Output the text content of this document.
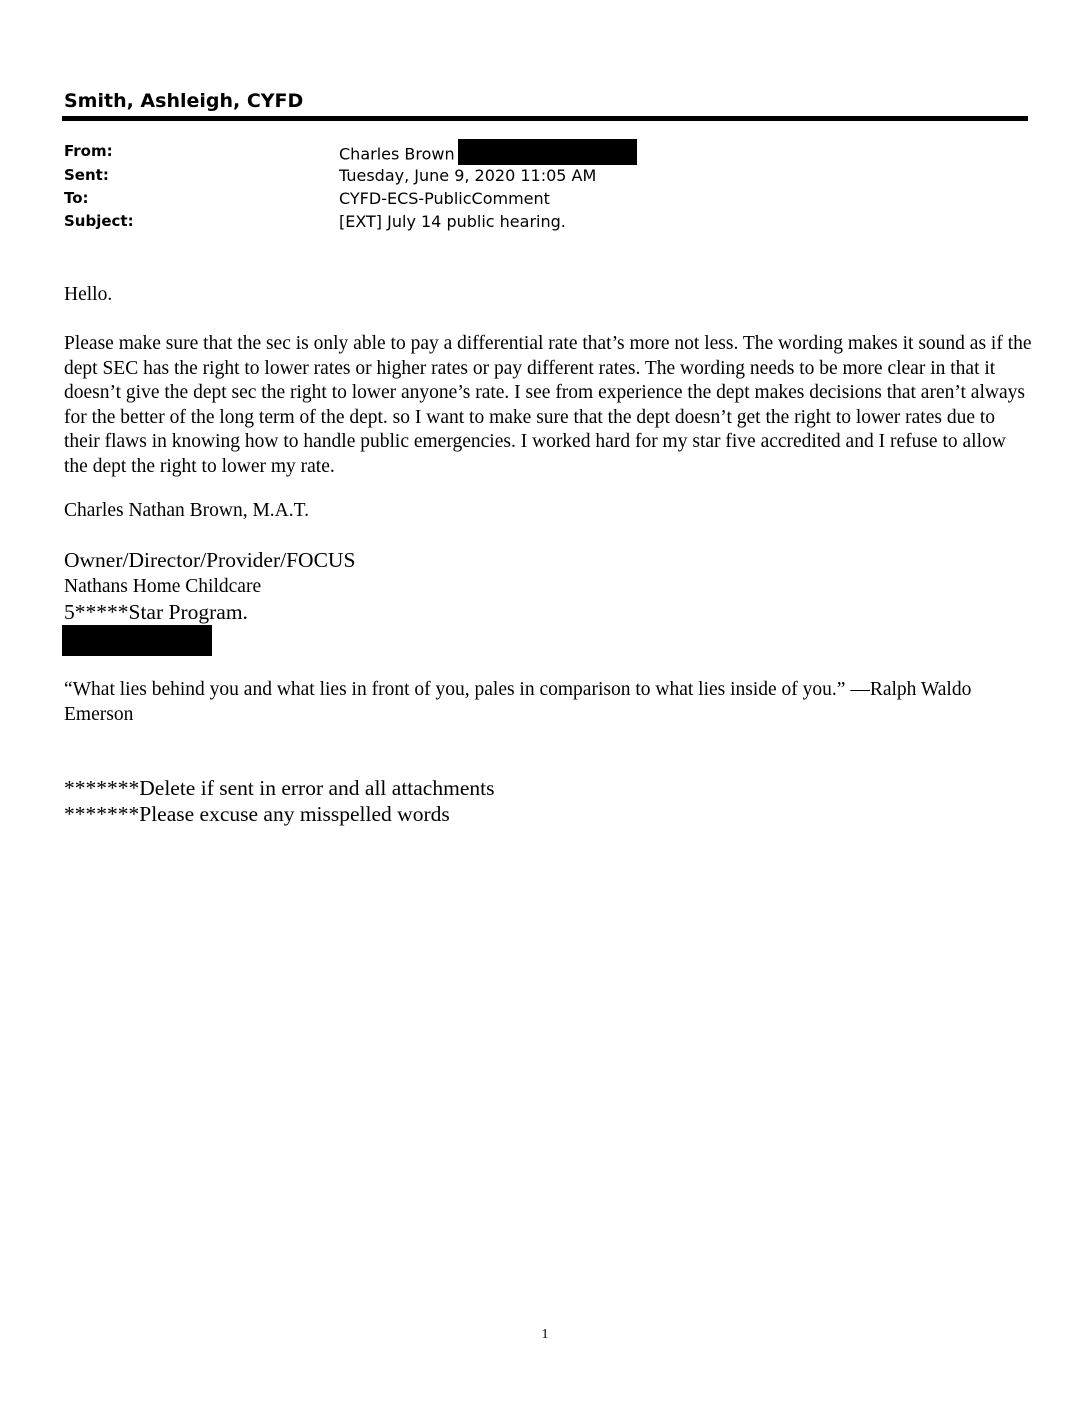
Smith, Ashleigh, CYFD
From:	Charles Brown
Sent:	Tuesday, June 9, 2020 11:05 AM
To:	CYFD-ECS-PublicComment
Subject:	[EXT] July 14 public hearing.
Hello.
Please make sure that the sec is only able to pay a differential rate that’s more not less. The wording makes it sound as if the dept SEC has the right to lower rates or higher rates or pay different rates. The wording needs to be more clear in that it doesn’t give the dept sec the right to lower anyone’s rate. I see from experience the dept makes decisions that aren’t always for the better of the long term of the dept. so I want to make sure that the dept doesn’t get the right to lower rates due to their flaws in knowing how to handle public emergencies. I worked hard for my star five accredited and I refuse to allow the dept the right to lower my rate.
Charles Nathan Brown, M.A.T.
Owner/Director/Provider/FOCUS
Nathans Home Childcare
5*****Star Program.
“What lies behind you and what lies in front of you, pales in comparison to what lies inside of you.” —Ralph Waldo Emerson
*******Delete if sent in error and all attachments
*******Please excuse any misspelled words
1
